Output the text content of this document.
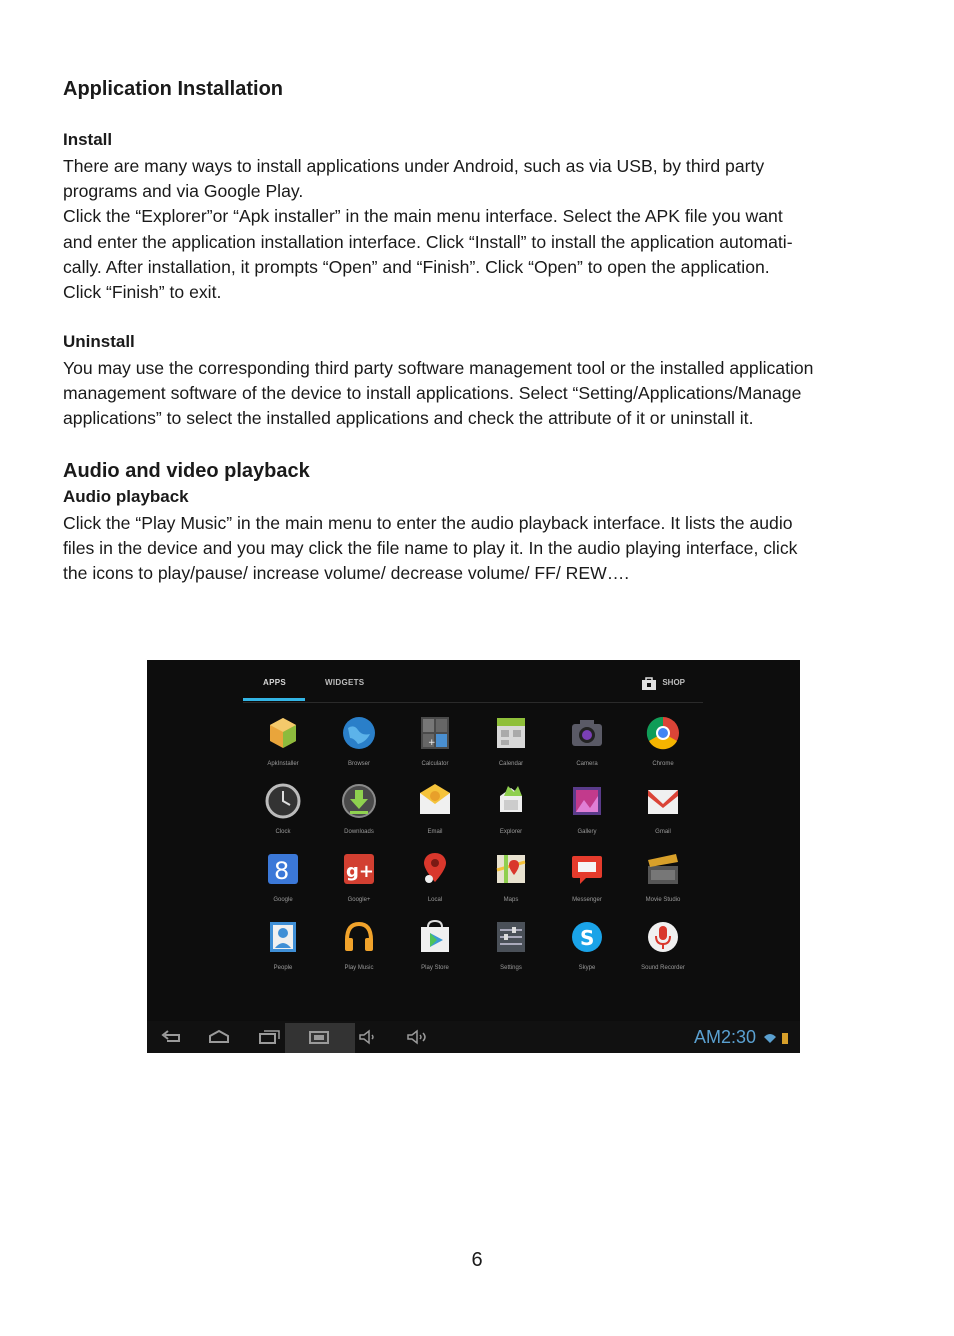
Application Installation
Install

There are many ways to install applications under Android, such as via USB, by third party

programs and via Google Play.

Click the “Explorer”or “Apk installer” in the main menu interface. Select the APK file you want

and enter the application installation interface. Click “Install” to install the application automati-

cally. After installation, it prompts “Open” and “Finish”. Click “Open” to open the application.

Click “Finish” to exit.

Uninstall

You may use the corresponding third party software management tool or the installed application

management software of the device to install applications. Select “Setting/Applications/Manage

applications” to select the installed applications and check the attribute of it or uninstall it.

Audio and video playback
Audio playback

Click the “Play Music” in the main menu to enter the audio playback interface. It lists the audio

files in the device and you may click the file name to play it. In the audio playing interface, click

the icons to play/pause/ increase volume/ decrease volume/ FF/ REW….

APPS	WIDGETS	SHOP
ApkInstaller	Browser
+
Calculator	Calendar	Camera	Chrome
Clock	Downloads	Email	Explorer	Gallery	Gmail
8
Google
g+
Google+	Local	Maps	Messenger	Movie Studio
People	Play Music	Play Store	Settings
S
Skype	Sound Recorder
AM2:30
6
